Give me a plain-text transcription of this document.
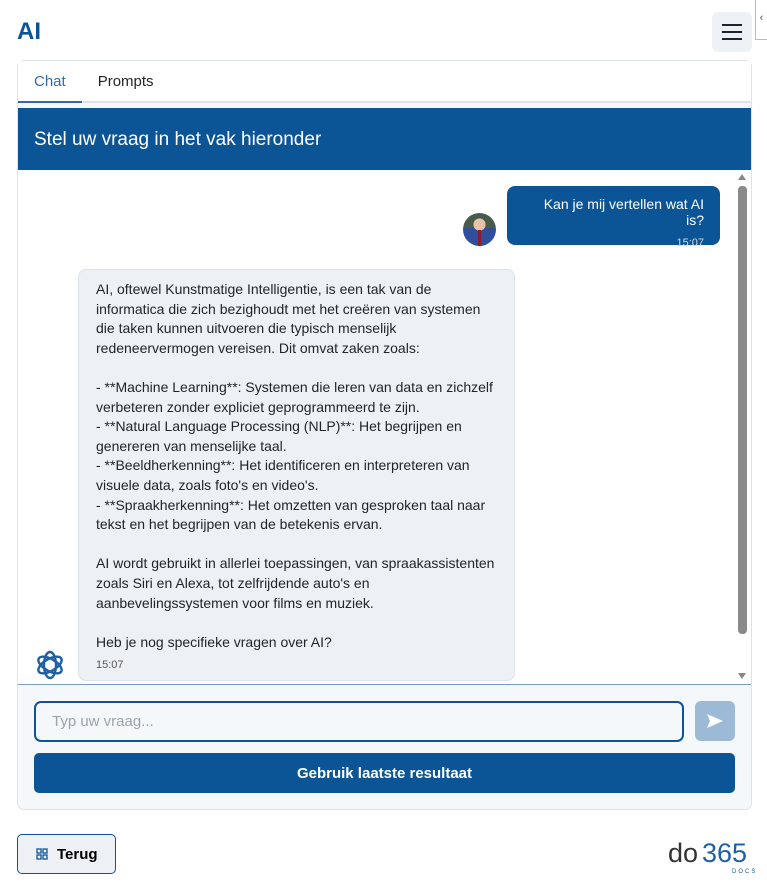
AI	‹
Chat	Prompts
Stel uw vraag in het vak hieronder
Kan je mij vertellen wat AI is?
15:07
AI, oftewel Kunstmatige Intelligentie, is een tak van de informatica die zich bezighoudt met het creëren van systemen die taken kunnen uitvoeren die typisch menselijk redeneervermogen vereisen. Dit omvat zaken zoals:

- **Machine Learning**: Systemen die leren van data en zichzelf verbeteren zonder expliciet geprogrammeerd te zijn.
- **Natural Language Processing (NLP)**: Het begrijpen en genereren van menselijke taal.
- **Beeldherkenning**: Het identificeren en interpreteren van visuele data, zoals foto's en video's.
- **Spraakherkenning**: Het omzetten van gesproken taal naar tekst en het begrijpen van de betekenis ervan.

AI wordt gebruikt in allerlei toepassingen, van spraakassistenten zoals Siri en Alexa, tot zelfrijdende auto's en aanbevelingssystemen voor films en muziek.

Heb je nog specifieke vragen over AI?
15:07
Typ uw vraag...
Gebruik laatste resultaat
Terug	do 365
DOCS
